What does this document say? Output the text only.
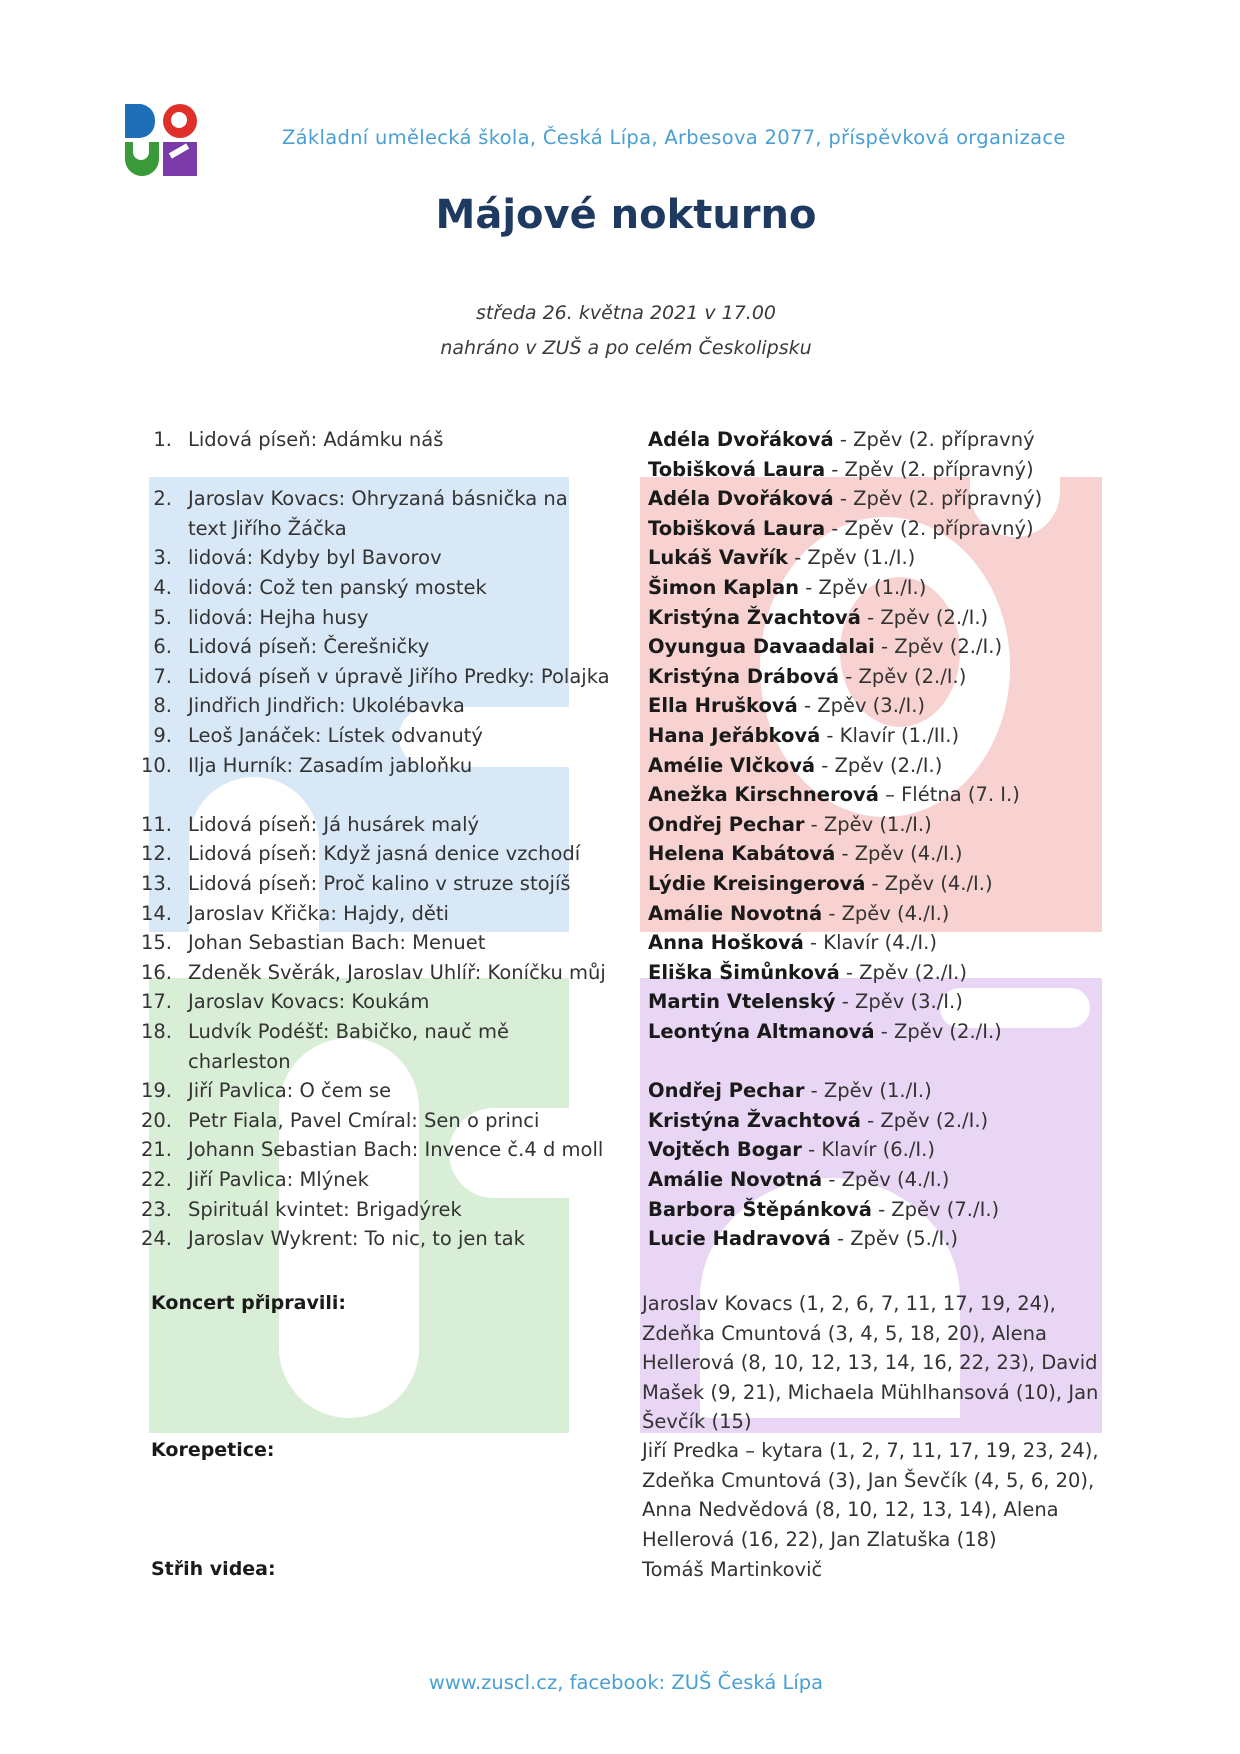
Základní umělecká škola, Česká Lípa, Arbesova 2077, příspěvková organizace
Májové nokturno
středa 26. května 2021 v 17.00
nahráno v ZUŠ a po celém Českolipsku
1. Lidová píseň: Adámku náš	Adéla Dvořáková - Zpěv (2. přípravný
Tobišková Laura - Zpěv (2. přípravný)
2. Jaroslav Kovacs: Ohryzaná básnička na	Adéla Dvořáková - Zpěv (2. přípravný)
text Jiřího Žáčka	Tobišková Laura - Zpěv (2. přípravný)
3. lidová: Kdyby byl Bavorov	Lukáš Vavřík - Zpěv (1./I.)
4. lidová: Což ten panský mostek	Šimon Kaplan - Zpěv (1./I.)
5. lidová: Hejha husy	Kristýna Žvachtová - Zpěv (2./I.)
6. Lidová píseň: Čerešničky	Oyungua Davaadalai - Zpěv (2./I.)
7. Lidová píseň v úpravě Jiřího Predky: Polajka	Kristýna Drábová - Zpěv (2./I.)
8. Jindřich Jindřich: Ukolébavka	Ella Hrušková - Zpěv (3./I.)
9. Leoš Janáček: Lístek odvanutý	Hana Jeřábková - Klavír (1./II.)
10. Ilja Hurník: Zasadím jabloňku	Amélie Vlčková - Zpěv (2./I.)
Anežka Kirschnerová – Flétna (7. I.)
11. Lidová píseň: Já husárek malý	Ondřej Pechar - Zpěv (1./I.)
12. Lidová píseň: Když jasná denice vzchodí	Helena Kabátová - Zpěv (4./I.)
13. Lidová píseň: Proč kalino v struze stojíš	Lýdie Kreisingerová - Zpěv (4./I.)
14. Jaroslav Křička: Hajdy, děti	Amálie Novotná - Zpěv (4./I.)
15. Johan Sebastian Bach: Menuet	Anna Hošková - Klavír (4./I.)
16. Zdeněk Svěrák, Jaroslav Uhlíř: Koníčku můj	Eliška Šimůnková - Zpěv (2./I.)
17. Jaroslav Kovacs: Koukám	Martin Vtelenský - Zpěv (3./I.)
18. Ludvík Podéšť: Babičko, nauč mě	Leontýna Altmanová - Zpěv (2./I.)
charleston
19. Jiří Pavlica: O čem se	Ondřej Pechar - Zpěv (1./I.)
20. Petr Fiala, Pavel Cmíral: Sen o princi	Kristýna Žvachtová - Zpěv (2./I.)
21. Johann Sebastian Bach: Invence č.4 d moll	Vojtěch Bogar - Klavír (6./I.)
22. Jiří Pavlica: Mlýnek	Amálie Novotná - Zpěv (4./I.)
23. Spirituál kvintet: Brigadýrek	Barbora Štěpánková - Zpěv (7./I.)
24. Jaroslav Wykrent: To nic, to jen tak	Lucie Hadravová - Zpěv (5./I.)
Koncert připravili:	Jaroslav Kovacs (1, 2, 6, 7, 11, 17, 19, 24),
Zdeňka Cmuntová (3, 4, 5, 18, 20), Alena
Hellerová (8, 10, 12, 13, 14, 16, 22, 23), David
Mašek (9, 21), Michaela Mühlhansová (10), Jan
Ševčík (15)
Korepetice:	Jiří Predka – kytara (1, 2, 7, 11, 17, 19, 23, 24),
Zdeňka Cmuntová (3), Jan Ševčík (4, 5, 6, 20),
Anna Nedvědová (8, 10, 12, 13, 14), Alena
Hellerová (16, 22), Jan Zlatuška (18)
Střih videa:	Tomáš Martinkovič
www.zuscl.cz, facebook: ZUŠ Česká Lípa
